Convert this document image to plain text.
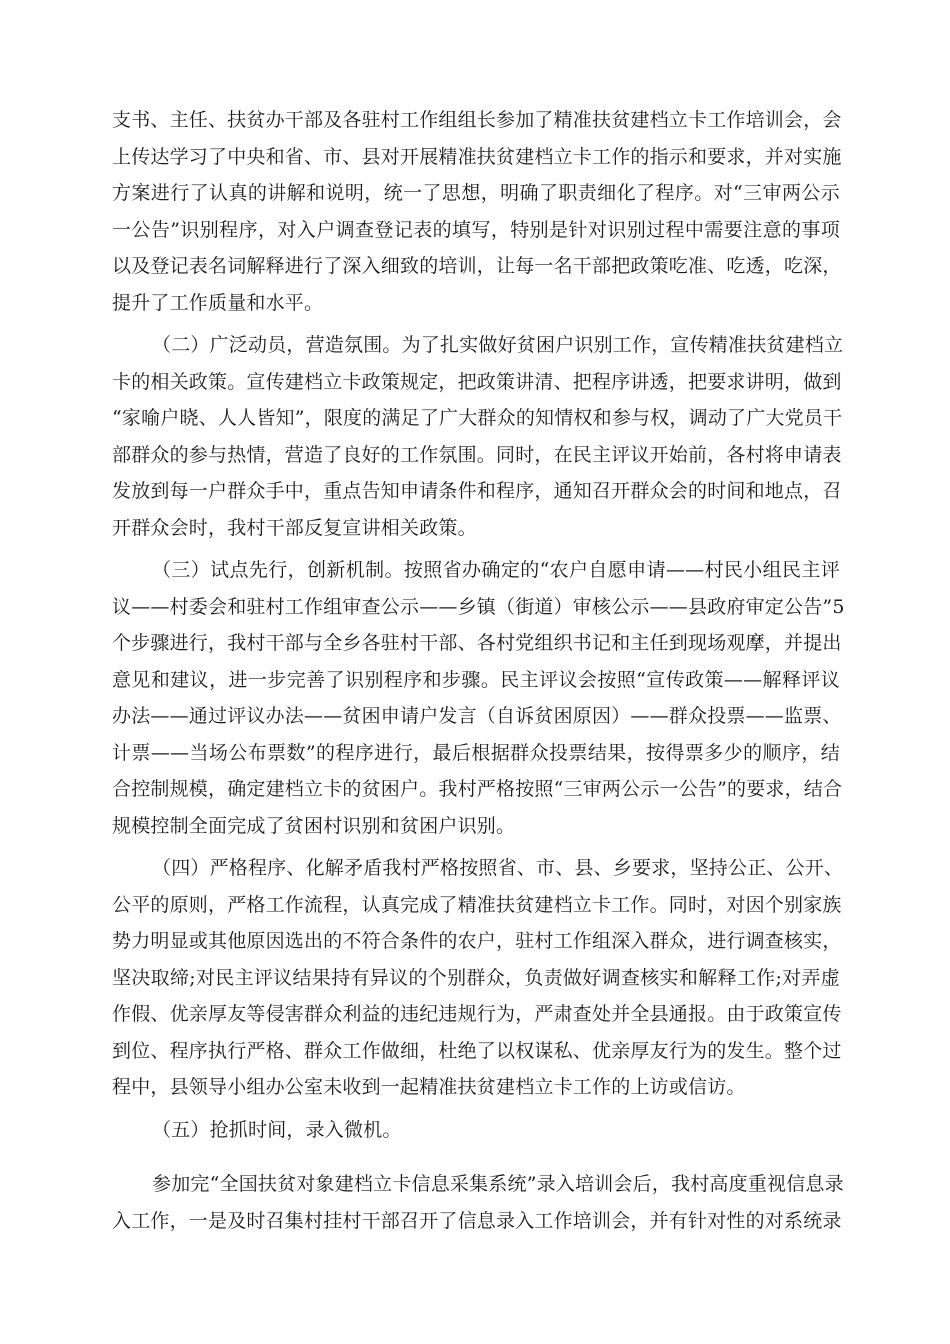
支书、主任、扶贫办干部及各驻村工作组组长参加了精准扶贫建档立卡工作培训会，会
上传达学习了中央和省、市、县对开展精准扶贫建档立卡工作的指示和要求，并对实施
方案进行了认真的讲解和说明，统一了思想，明确了职责细化了程序。对“三审两公示
一公告”识别程序，对入户调查登记表的填写，特别是针对识别过程中需要注意的事项
以及登记表名词解释进行了深入细致的培训，让每一名干部把政策吃准、吃透，吃深，
提升了工作质量和水平。
（二）广泛动员，营造氛围。为了扎实做好贫困户识别工作，宣传精准扶贫建档立
卡的相关政策。宣传建档立卡政策规定，把政策讲清、把程序讲透，把要求讲明，做到
“家喻户晓、人人皆知”，限度的满足了广大群众的知情权和参与权，调动了广大党员干
部群众的参与热情，营造了良好的工作氛围。同时，在民主评议开始前，各村将申请表
发放到每一户群众手中，重点告知申请条件和程序，通知召开群众会的时间和地点，召
开群众会时，我村干部反复宣讲相关政策。
（三）试点先行，创新机制。按照省办确定的“农户自愿申请——村民小组民主评
议——村委会和驻村工作组审查公示——乡镇（街道）审核公示——县政府审定公告”5
个步骤进行，我村干部与全乡各驻村干部、各村党组织书记和主任到现场观摩，并提出
意见和建议，进一步完善了识别程序和步骤。民主评议会按照“宣传政策——解释评议
办法——通过评议办法——贫困申请户发言（自诉贫困原因）——群众投票——监票、
计票——当场公布票数”的程序进行，最后根据群众投票结果，按得票多少的顺序，结
合控制规模，确定建档立卡的贫困户。我村严格按照“三审两公示一公告”的要求，结合
规模控制全面完成了贫困村识别和贫困户识别。
（四）严格程序、化解矛盾我村严格按照省、市、县、乡要求，坚持公正、公开、
公平的原则，严格工作流程，认真完成了精准扶贫建档立卡工作。同时，对因个别家族
势力明显或其他原因选出的不符合条件的农户，驻村工作组深入群众，进行调查核实，
坚决取缔;对民主评议结果持有异议的个别群众，负责做好调查核实和解释工作;对弄虚
作假、优亲厚友等侵害群众利益的违纪违规行为，严肃查处并全县通报。由于政策宣传
到位、程序执行严格、群众工作做细，杜绝了以权谋私、优亲厚友行为的发生。整个过
程中，县领导小组办公室未收到一起精准扶贫建档立卡工作的上访或信访。
（五）抢抓时间，录入微机。
参加完“全国扶贫对象建档立卡信息采集系统”录入培训会后，我村高度重视信息录
入工作，一是及时召集村挂村干部召开了信息录入工作培训会，并有针对性的对系统录
